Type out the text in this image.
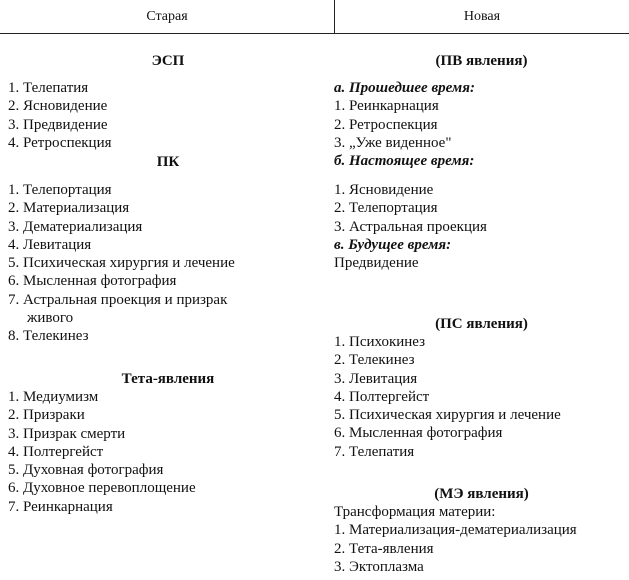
Старая	Новая
ЭСП
1. Телепатия
2. Ясновидение
3. Предвидение
4. Ретроспекция
ПК
1. Телепортация
2. Материализация
3. Дематериализация
4. Левитация
5. Психическая хирургия и лечение
6. Мысленная фотография
7. Астральная проекция и призрак
живого
8. Телекинез
Тета-явления
1. Медиумизм
2. Призраки
3. Призрак смерти
4. Полтергейст
5. Духовная фотография
6. Духовное перевоплощение
7. Реинкарнация
(ПВ явления)
а. Прошедшее время:
1. Реинкарнация
2. Ретроспекция
3. „Уже виденное"
б. Настоящее время:
1. Ясновидение
2. Телепортация
3. Астральная проекция
в. Будущее время:
Предвидение
(ПС явления)
1. Психокинез
2. Телекинез
3. Левитация
4. Полтергейст
5. Психическая хирургия и лечение
6. Мысленная фотография
7. Телепатия
(МЭ явления)
Трансформация материи:
1. Материализация-дематериализация
2. Тета-явления
3. Эктоплазма
